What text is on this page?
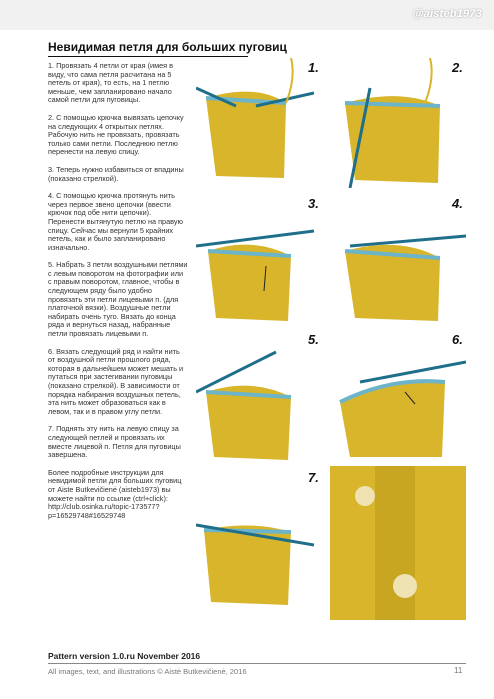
@aisteb1973
Невидимая петля для больших пуговиц

1. Провязать 4 петли от края (имея в виду, что сама петля расчитана на 5 петель от края), то есть, на 1 петлю меньше, чем запланировано начало самой петли для пуговицы.

2. С помощью крючка вывязать цепочку на следующих 4 открытых петлях. Рабочую нить не провязать, провязать только сами петли. Последнюю петлю перенести на левую спицу.

3. Теперь нужно избавиться от впадины (показано стрелкой).

4. С помощью крючка протянуть нить через первое звено цепочки (ввести крючок под обе нити цепочки). Перенести вытянутую петлю на правую спицу. Сейчас мы вернули 5 крайних петель, как и было запланировано изначально.

5. Набрать 3 петли воздушными петлями с левым поворотом на фотографии или с правым поворотом, главное, чтобы в следующем ряду было удобно провязать эти петли лицевыми п. (для платочной вязки). Воздушные петли набирать очень туго. Вязать до конца ряда и вернуться назад, набранные петли провязать лицевыми п.

6. Вязать следующий ряд и найти нить от воздушной петли прошлого ряда, которая в дальнейшем может мешать и путаться при застегивании пуговицы (показано стрелкой). В зависимости от порядка набирания воздушных петель, эта нить может образоваться как в левом, так и в правом углу петли.

7. Поднять эту нить на левую спицу за следующей петлей и провязать их вместе лицевой п. Петля для пуговицы завершена.

Более подробные инструкции для невидимой петли для больших пуговиц от Aiste Butkevičienė (aisteb1973) вы можете найти по ссылке (ctrl+click): http://club.osinka.ru/topic-173577?p=16529748#16529748

1.	2.
3.	4.
5.	6.
7.
Pattern version 1.0.ru November 2016
All images, text, and illustrations © Aistė Butkevičienė, 2016	11
